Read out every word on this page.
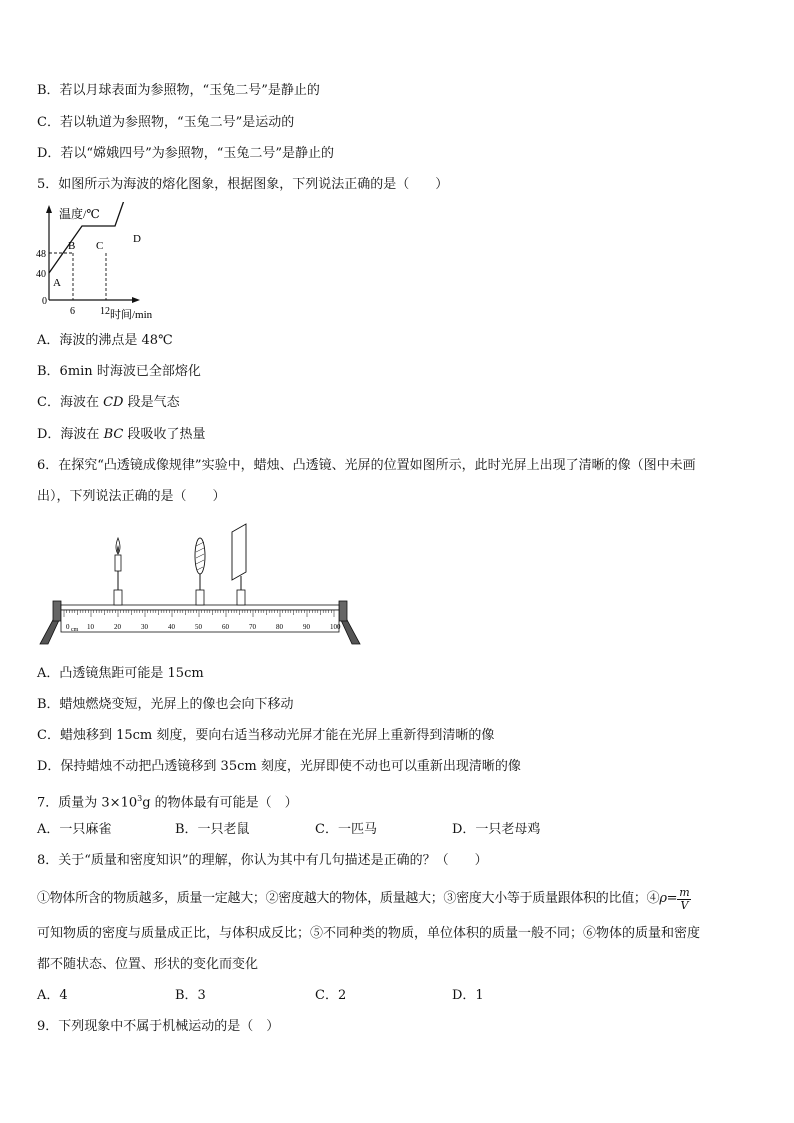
B．若以月球表面为参照物，“玉兔二号”是静止的
C．若以轨道为参照物，“玉兔二号”是运动的
D．若以“嫦娥四号”为参照物，“玉兔二号”是静止的
5．如图所示为海波的熔化图象，根据图象，下列说法正确的是（　　）
温度/℃
时间/min
0
48
40
6	12
A
B C
D
A．海波的沸点是 48℃
B．6min 时海波已全部熔化
C．海波在 CD 段是气态
D．海波在 BC 段吸收了热量
6．在探究“凸透镜成像规律”实验中，蜡烛、凸透镜、光屏的位置如图所示，此时光屏上出现了清晰的像（图中未画
出），下列说法正确的是（　　）
0	10	20	30	40	50	60	70	80	90	100
cm
A．凸透镜焦距可能是 15cm
B．蜡烛燃烧变短，光屏上的像也会向下移动
C．蜡烛移到 15cm 刻度，要向右适当移动光屏才能在光屏上重新得到清晰的像
D．保持蜡烛不动把凸透镜移到 35cm 刻度，光屏即使不动也可以重新出现清晰的像
7．质量为 $3\times 10^3g$ 的物体最有可能是（　）
A．一只麻雀	B．一只老鼠	C．一匹马	D．一只老母鸡
8．关于“质量和密度知识”的理解，你认为其中有几句描述是正确的？（　　）
①物体所含的物质越多，质量一定越大；②密度越大的物体，质量越大；③密度大小等于质量跟体积的比值；④ $\rho= \frac{m}{V}$
可知物质的密度与质量成正比，与体积成反比；⑤不同种类的物质，单位体积的质量一般不同；⑥物体的质量和密度
都不随状态、位置、形状的变化而变化
A．4	B．3	C．2	D．1
9．下列现象中不属于机械运动的是（　）
